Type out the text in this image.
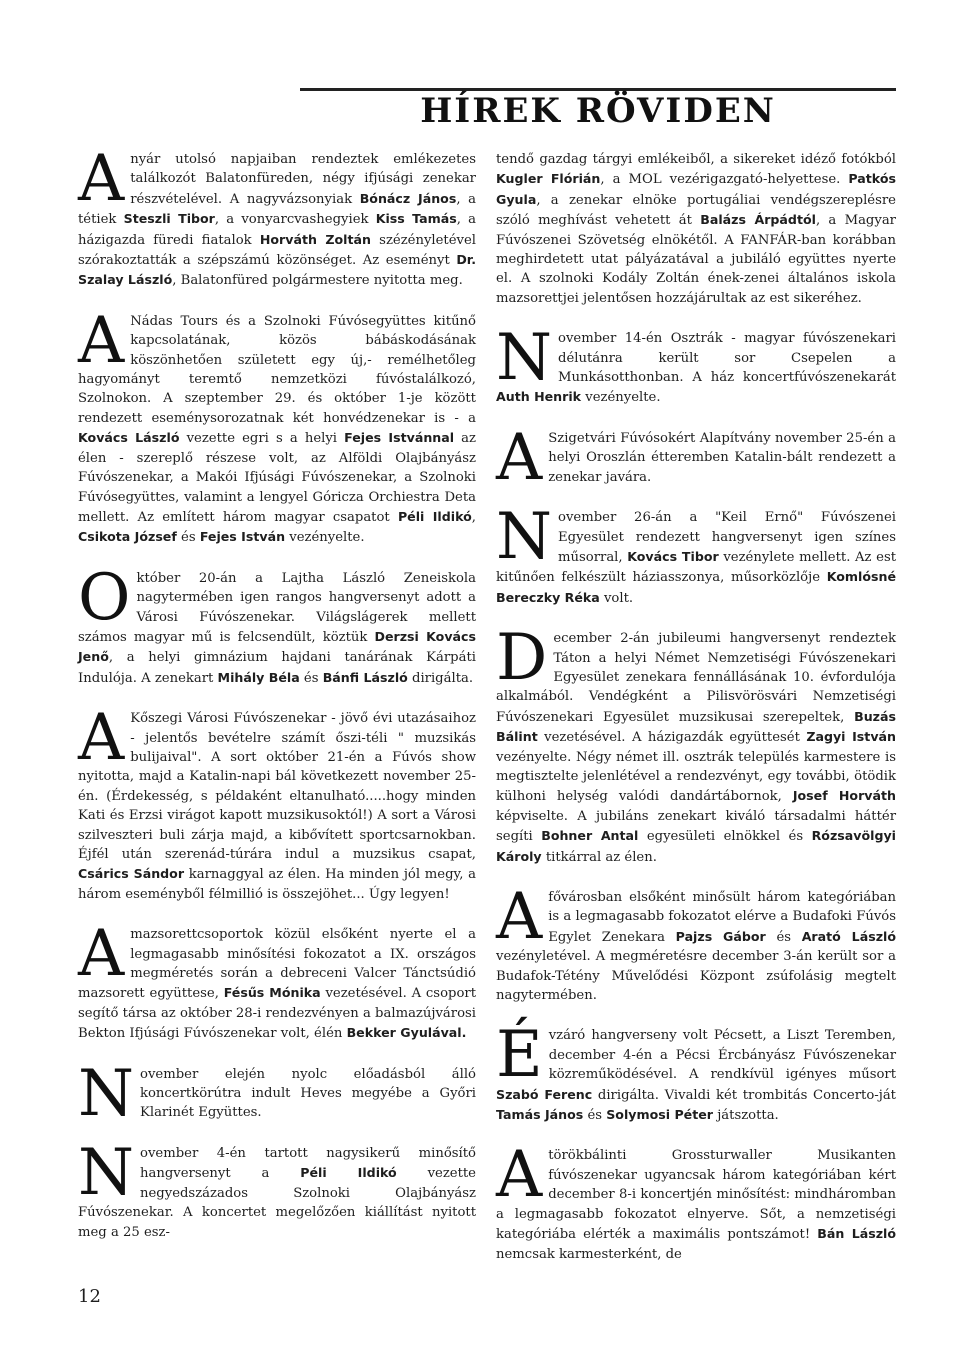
HÍREK RÖVIDEN

Anyár utolsó napjaiban rendeztek emlékezetes találkozót Balatonfüreden, négy ifjúsági zenekar részvételével. A nagyvázsonyiak Bónácz János, a tétiek Steszli Tibor, a vonyarcvashegyiek Kiss Tamás, a házigazda füredi fiatalok Horváth Zoltán szézényletével szórakoztatták a szépszámú közönséget. Az eseményt Dr. Szalay László, Balatonfüred polgármestere nyitotta meg.

A Nádas Tours és a Szolnoki Fúvósegyüttes kitűnő kapcsolatának, közös bábáskodásának köszönhetően született egy új,- remélhetőleg hagyományt teremtő nemzetközi fúvóstalálkozó, Szolnokon. A szeptember 29. és október 1-je között rendezett eseménysorozatnak két honvédzenekar is - a Kovács László vezette egri s a helyi Fejes Istvánnal az élen - szereplő részese volt, az Alföldi Olajbányász Fúvószenekar, a Makói Ifjúsági Fúvószenekar, a Szolnoki Fúvósegyüttes, valamint a lengyel Góricza Orchiestra Deta mellett. Az említett három magyar csapatot Péli Ildikó, Csikota József és Fejes István vezényelte.

Október 20-án a Lajtha László Zeneiskola nagytermében igen rangos hangversenyt adott a Városi Fúvószenekar. Világslágerek mellett számos magyar mű is felcsendült, köztük Derzsi Kovács Jenő, a helyi gimnázium hajdani tanárának Kárpáti Indulója. A zenekart Mihály Béla és Bánfi László dirigálta.

A Kőszegi Városi Fúvószenekar - jövő évi utazásaihoz - jelentős bevételre számít őszi-téli " muzsikás bulijaival". A sort október 21-én a Fúvós show nyitotta, majd a Katalin-napi bál következett november 25-én. (Érdekesség, s példaként eltanulható.....hogy minden Kati és Erzsi virágot kapott muzsikusoktól!) A sort a Városi szilveszteri buli zárja majd, a kibővített sportcsarnokban. Éjfél után szerenád-túrára indul a muzsikus csapat, Csárics Sándor karnaggyal az élen. Ha minden jól megy, a három eseményből félmillió is összejöhet... Úgy legyen!

Amazsorettcsoportok közül elsőként nyerte el a legmagasabb minősítési fokozatot a IX. országos megméretés során a debreceni Valcer Tánctsúdió mazsorett együttese, Fésűs Mónika vezetésével. A csoport segítő társa az október 28-i rendezvényen a balmazújvárosi Bekton Ifjúsági Fúvószenekar volt, élén Bekker Gyulával.

November elején nyolc előadásból álló koncertkörútra indult Heves megyébe a Győri Klarinét Együttes.

November 4-én tartott nagysikerű minősítő hangversenyt a Péli Ildikó vezette negyedszázados Szolnoki Olajbányász Fúvószenekar. A koncertet megelőzően kiállítást nyitott meg a 25 esz-

tendő gazdag tárgyi emlékeiből, a sikereket idéző fotókból Kugler Flórián, a MOL vezérigazgató-helyettese. Patkós Gyula, a zenekar elnöke portugáliai vendégszereplésre szóló meghívást vehetett át Balázs Árpádtól, a Magyar Fúvószenei Szövetség elnökétől. A FANFÁR-ban korábban meghirdetett utat pályázatával a jubiláló együttes nyerte el. A szolnoki Kodály Zoltán ének-zenei általános iskola mazsorettjei jelentősen hozzájárultak az est sikeréhez.

November 14-én Osztrák - magyar fúvószenekari délutánra került sor Csepelen a Munkásotthonban. A ház koncertfúvószenekarát Auth Henrik vezényelte.

A Szigetvári Fúvósokért Alapítvány november 25-én a helyi Oroszlán étteremben Katalin-bált rendezett a zenekar javára.

November 26-án a "Keil Ernő" Fúvószenei Egyesület rendezett hangversenyt igen színes műsorral, Kovács Tibor vezénylete mellett. Az est kitűnően felkészült háziasszonya, műsorközlője Komlósné Bereczky Réka volt.

December 2-án jubileumi hangversenyt rendeztek Táton a helyi Német Nemzetiségi Fúvószenekari Egyesület zenekara fennállásának 10. évfordulója alkalmából. Vendégként a Pilisvörösvári Nemzetiségi Fúvószenekari Egyesület muzsikusai szerepeltek, Buzás Bálint vezetésével. A házigazdák együttesét Zagyi István vezényelte. Négy német ill. osztrák település karmestere is megtisztelte jelenlétével a rendezvényt, egy további, ötödik külhoni helység valódi dandártábornok, Josef Horváth képviselte. A jubiláns zenekart kiváló társadalmi háttér segíti Bohner Antal egyesületi elnökkel és Rózsavölgyi Károly titkárral az élen.

Afővárosban elsőként minősült három kategóriában is a legmagasabb fokozatot elérve a Budafoki Fúvós Egylet Zenekara Pajzs Gábor és Arató László vezényletével. A megméretésre december 3-án került sor a Budafok-Tétény Művelődési Központ zsúfolásig megtelt nagytermében.

Évzáró hangverseny volt Pécsett, a Liszt Teremben, december 4-én a Pécsi Ércbányász Fúvószenekar közreműködésével. A rendkívül igényes műsort Szabó Ferenc dirigálta. Vivaldi két trombitás Concerto-ját Tamás János és Solymosi Péter játszotta.

Atörökbálinti Grossturwaller Musikanten fúvószenekar ugyancsak három kategóriában kért december 8-i koncertjén minősítést: mindháromban a legmagasabb fokozatot elnyerve. Sőt, a nemzetiségi kategóriába elérték a maximális pontszámot! Bán László nemcsak karmesterként, de

12
